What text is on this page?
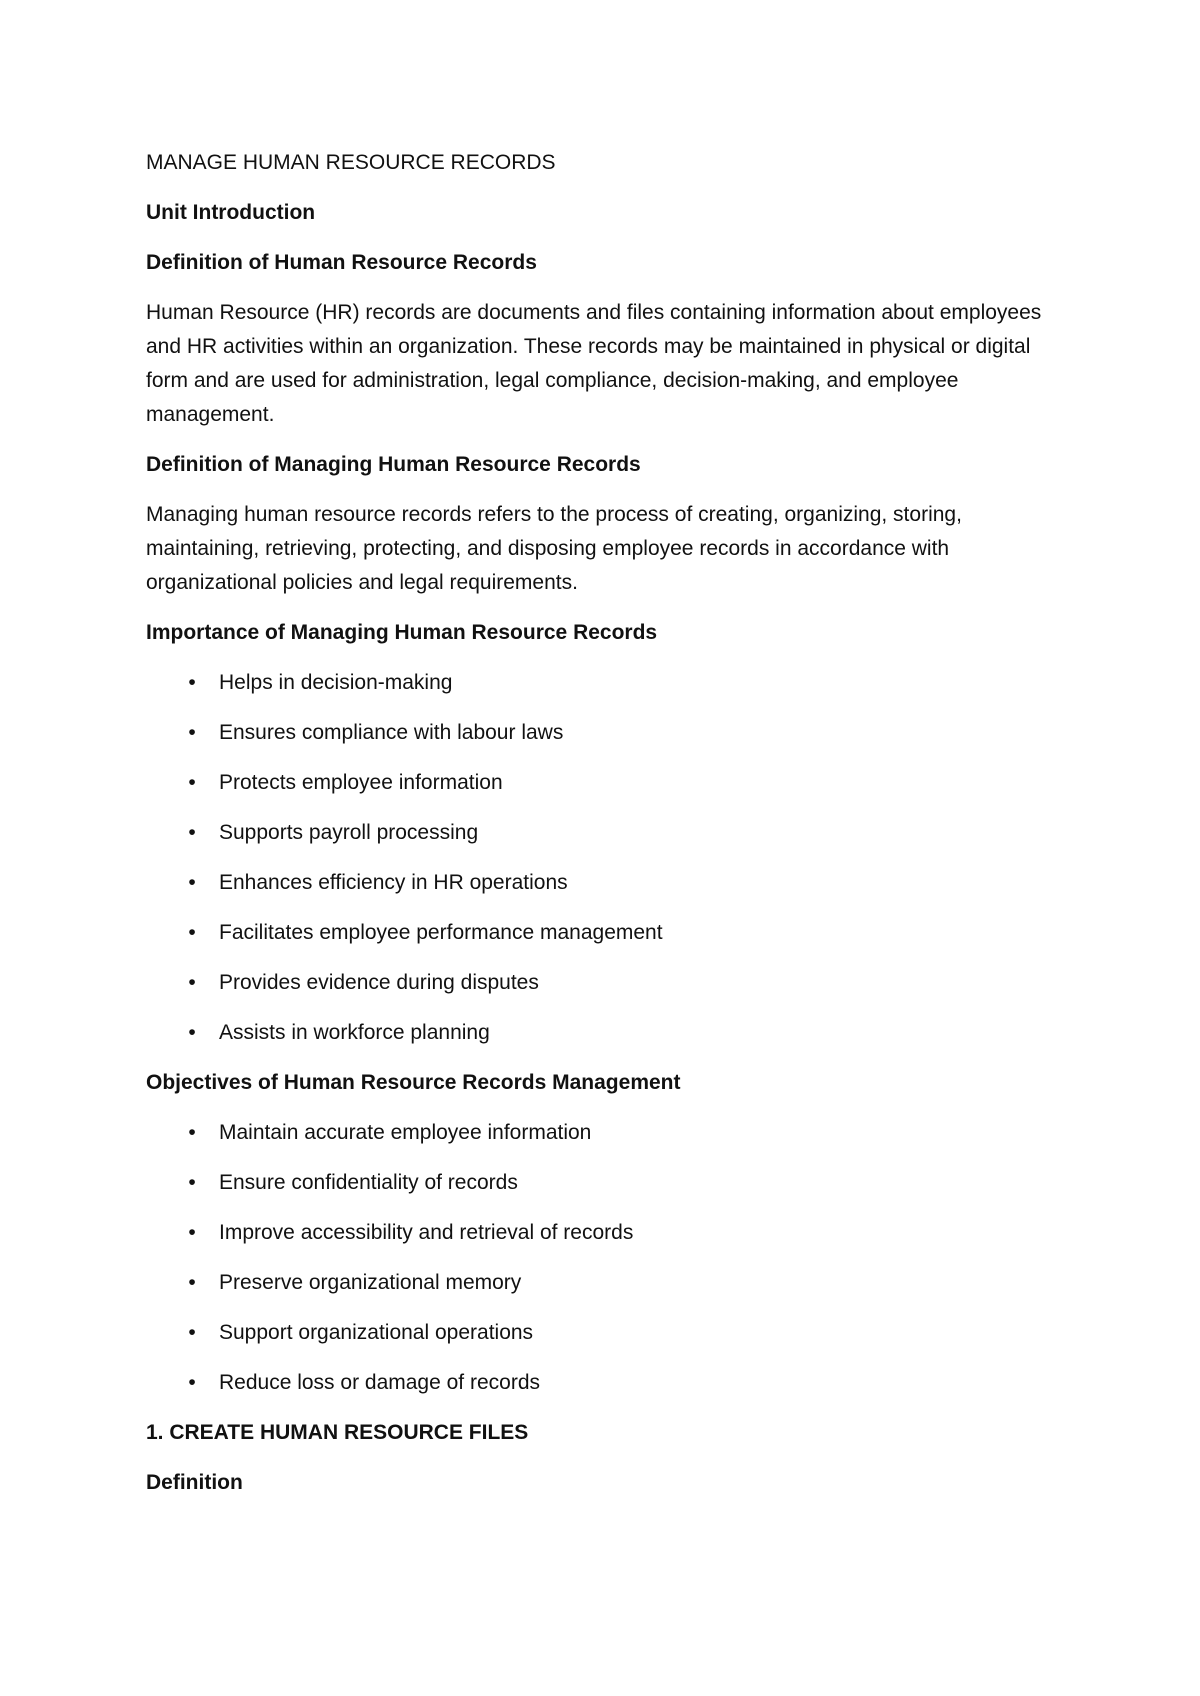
MANAGE HUMAN RESOURCE RECORDS

Unit Introduction

Definition of Human Resource Records

Human Resource (HR) records are documents and files containing information about employees and HR activities within an organization. These records may be maintained in physical or digital form and are used for administration, legal compliance, decision-making, and employee management.

Definition of Managing Human Resource Records

Managing human resource records refers to the process of creating, organizing, storing, maintaining, retrieving, protecting, and disposing employee records in accordance with organizational policies and legal requirements.

Importance of Managing Human Resource Records

• Helps in decision-making
• Ensures compliance with labour laws
• Protects employee information
• Supports payroll processing
• Enhances efficiency in HR operations
• Facilitates employee performance management
• Provides evidence during disputes
• Assists in workforce planning

Objectives of Human Resource Records Management

• Maintain accurate employee information
• Ensure confidentiality of records
• Improve accessibility and retrieval of records
• Preserve organizational memory
• Support organizational operations
• Reduce loss or damage of records

1. CREATE HUMAN RESOURCE FILES

Definition
